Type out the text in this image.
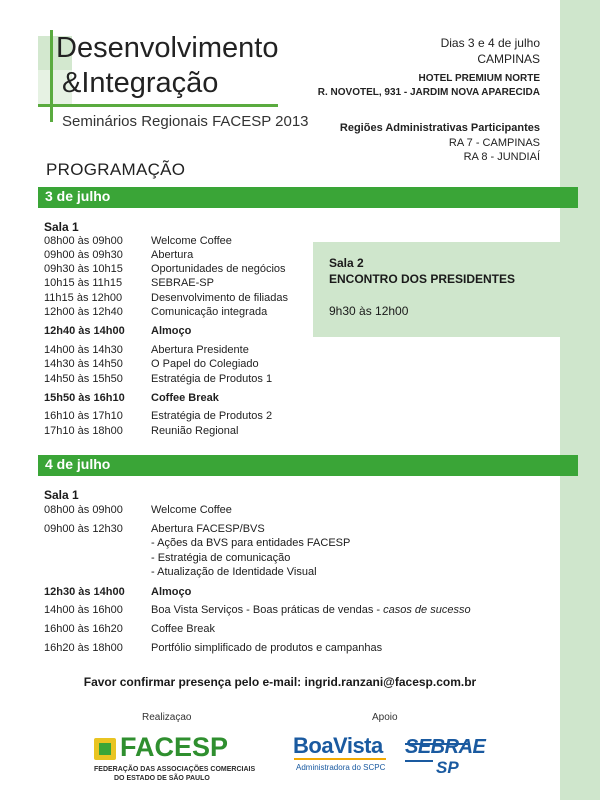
Desenvolvimento
&Integração
Seminários Regionais FACESP 2013
Dias 3 e 4 de julho
CAMPINAS
HOTEL PREMIUM NORTE
R. NOVOTEL, 931 - JARDIM NOVA APARECIDA
Regiões Administrativas Participantes
RA 7 - CAMPINAS
RA 8 - JUNDIAÍ
PROGRAMAÇÃO
3 de julho
Sala 1
08h00 às 09h00	Welcome Coffee
09h00 às 09h30	Abertura
09h30 às 10h15	Oportunidades de negócios
10h15 às 11h15	SEBRAE-SP
11h15 às 12h00	Desenvolvimento de filiadas
12h00 às 12h40	Comunicação integrada
12h40 às 14h00 Almoço
14h00 às 14h30	Abertura Presidente
14h30 às 14h50	O Papel do Colegiado
14h50 às 15h50	Estratégia de Produtos 1
15h50 às 16h10 Coffee Break
16h10 às 17h10	Estratégia de Produtos 2
17h10 às 18h00	Reunião Regional
Sala 2
ENCONTRO DOS PRESIDENTES
9h30 às 12h00
4 de julho
Sala 1
08h00 às 09h00	Welcome Coffee
09h00 às 12h30	Abertura FACESP/BVS
- Ações da BVS para entidades FACESP
- Estratégia de comunicação
- Atualização de Identidade Visual
12h30 às 14h00 Almoço
14h00 às 16h00	Boa Vista Serviços - Boas práticas de vendas - casos de sucesso
16h00 às 16h20	Coffee Break
16h20 às 18h00	Portfólio simplificado de produtos e campanhas
Favor confirmar presença pelo e-mail: ingrid.ranzani@facesp.com.br
Realizaçao	Apoio
FACESP
FEDERAÇÃO DAS ASSOCIAÇÕES COMERCIAIS
DO ESTADO DE SÃO PAULO
BoaVista
Administradora do SCPC
SEBRAE
SP
